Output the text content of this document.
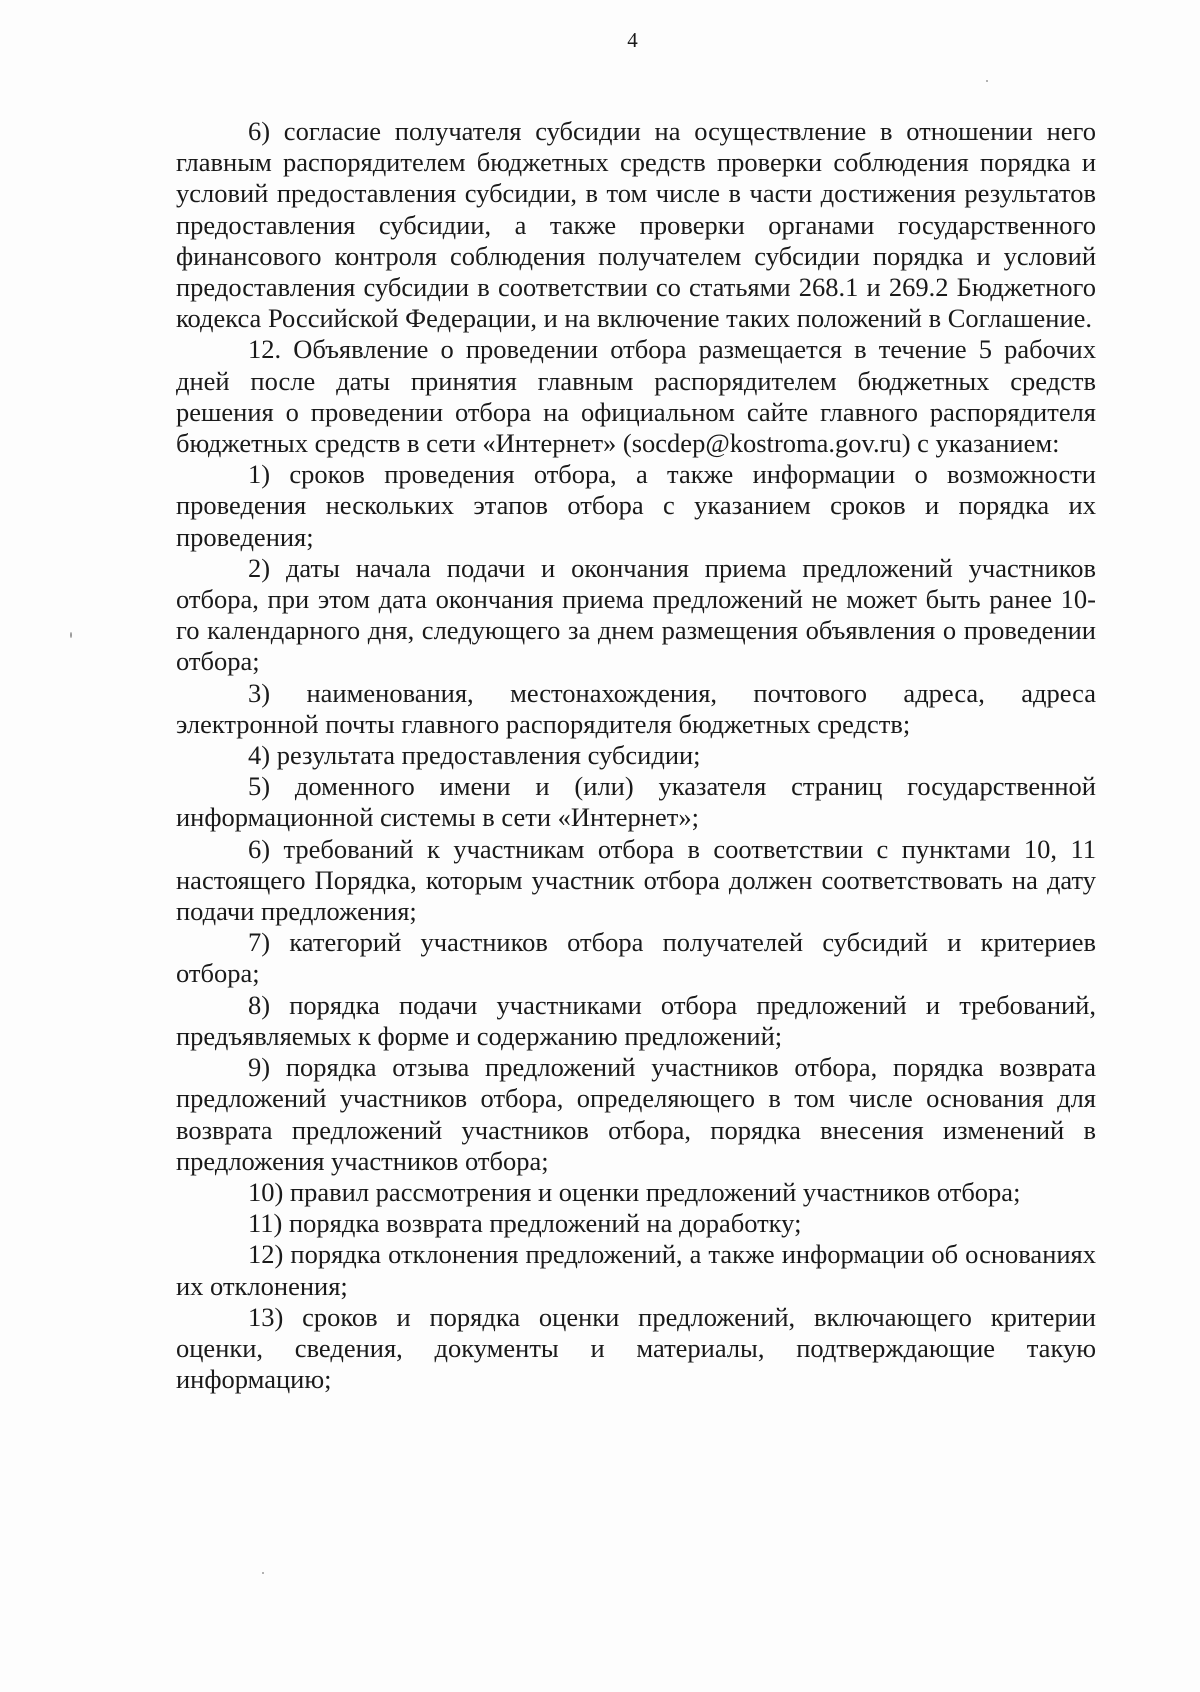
4

6) согласие получателя субсидии на осуществление в отношении него главным распорядителем бюджетных средств проверки соблюдения порядка и условий предоставления субсидии, в том числе в части достижения результатов предоставления субсидии, а также проверки органами государственного финансового контроля соблюдения получателем субсидии порядка и условий предоставления субсидии в соответствии со статьями 268.1 и 269.2 Бюджетного кодекса Российской Федерации, и на включение таких положений в Соглашение.

12. Объявление о проведении отбора размещается в течение 5 рабочих дней после даты принятия главным распорядителем бюджетных средств решения о проведении отбора на официальном сайте главного распорядителя бюджетных средств в сети «Интернет» (socdep@kostroma.gov.ru) с указанием:

1) сроков проведения отбора, а также информации о возможности проведения нескольких этапов отбора с указанием сроков и порядка их проведения;

2) даты начала подачи и окончания приема предложений участников отбора, при этом дата окончания приема предложений не может быть ранее 10-го календарного дня, следующего за днем размещения объявления о проведении отбора;

3) наименования, местонахождения, почтового адреса, адреса электронной почты главного распорядителя бюджетных средств;

4) результата предоставления субсидии;

5) доменного имени и (или) указателя страниц государственной информационной системы в сети «Интернет»;

6) требований к участникам отбора в соответствии с пунктами 10, 11 настоящего Порядка, которым участник отбора должен соответствовать на дату подачи предложения;

7) категорий участников отбора получателей субсидий и критериев отбора;

8) порядка подачи участниками отбора предложений и требований, предъявляемых к форме и содержанию предложений;

9) порядка отзыва предложений участников отбора, порядка возврата предложений участников отбора, определяющего в том числе основания для возврата предложений участников отбора, порядка внесения изменений в предложения участников отбора;

10) правил рассмотрения и оценки предложений участников отбора;

11) порядка возврата предложений на доработку;

12) порядка отклонения предложений, а также информации об основаниях их отклонения;

13) сроков и порядка оценки предложений, включающего критерии оценки, сведения, документы и материалы, подтверждающие такую информацию;
